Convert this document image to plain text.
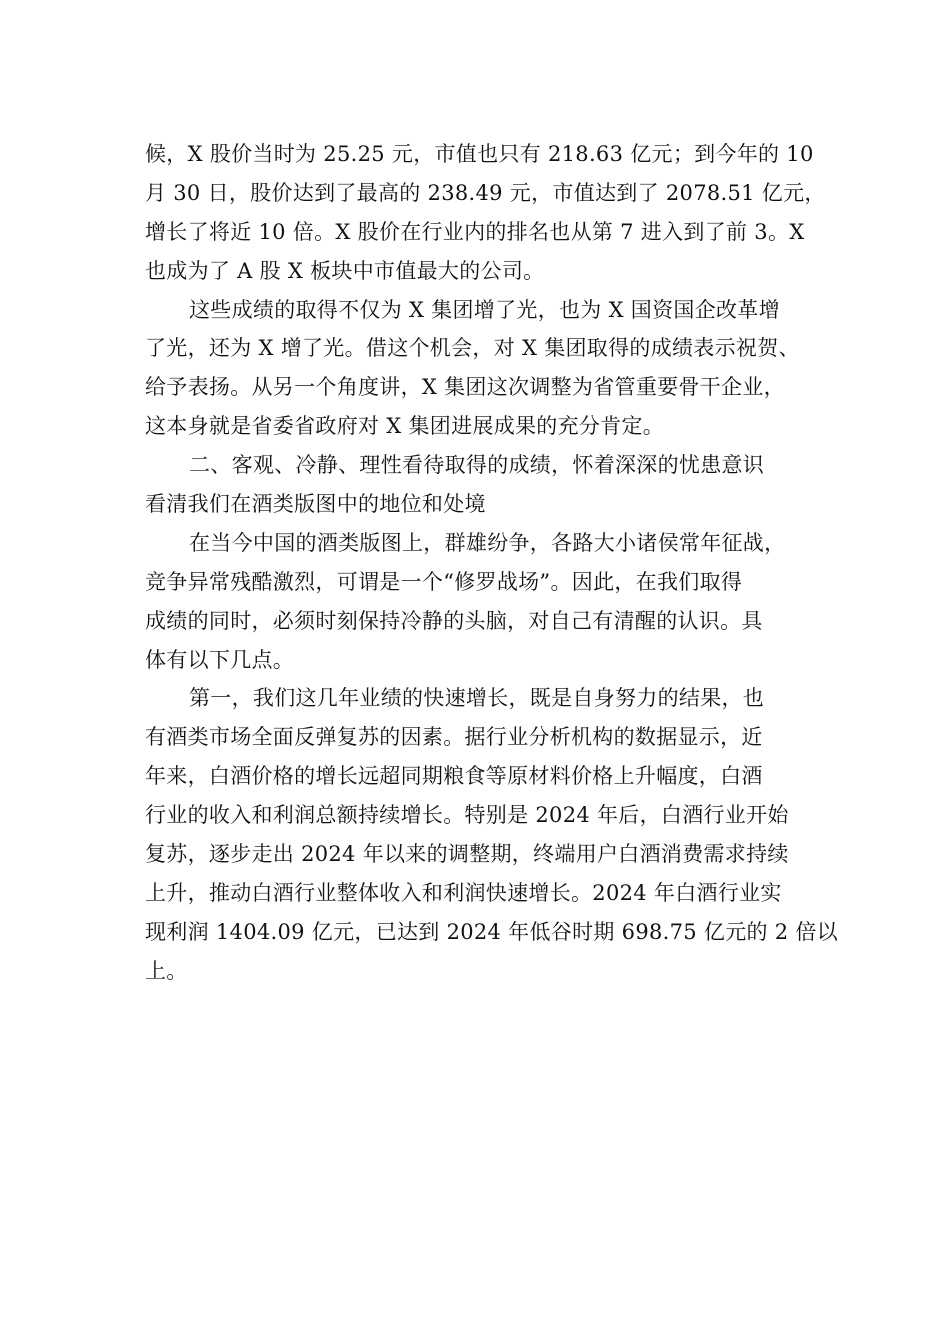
候，X 股价当时为 25.25 元，市值也只有 218.63 亿元；到今年的 10
月 30 日，股价达到了最高的 238.49 元，市值达到了 2078.51 亿元，
增长了将近 10 倍。X 股价在行业内的排名也从第 7 进入到了前 3。X
也成为了 A 股 X 板块中市值最大的公司。
这些成绩的取得不仅为 X 集团增了光，也为 X 国资国企改革增
了光，还为 X 增了光。借这个机会，对 X 集团取得的成绩表示祝贺、
给予表扬。从另一个角度讲，X 集团这次调整为省管重要骨干企业，
这本身就是省委省政府对 X 集团进展成果的充分肯定。
二、客观、冷静、理性看待取得的成绩，怀着深深的忧患意识
看清我们在酒类版图中的地位和处境
在当今中国的酒类版图上，群雄纷争，各路大小诸侯常年征战，
竞争异常残酷激烈，可谓是一个“修罗战场”。因此，在我们取得
成绩的同时，必须时刻保持冷静的头脑，对自己有清醒的认识。具
体有以下几点。
第一，我们这几年业绩的快速增长，既是自身努力的结果，也
有酒类市场全面反弹复苏的因素。据行业分析机构的数据显示，近
年来，白酒价格的增长远超同期粮食等原材料价格上升幅度，白酒
行业的收入和利润总额持续增长。特别是 2024 年后，白酒行业开始
复苏，逐步走出 2024 年以来的调整期，终端用户白酒消费需求持续
上升，推动白酒行业整体收入和利润快速增长。2024 年白酒行业实
现利润 1404.09 亿元，已达到 2024 年低谷时期 698.75 亿元的 2 倍以
上。
